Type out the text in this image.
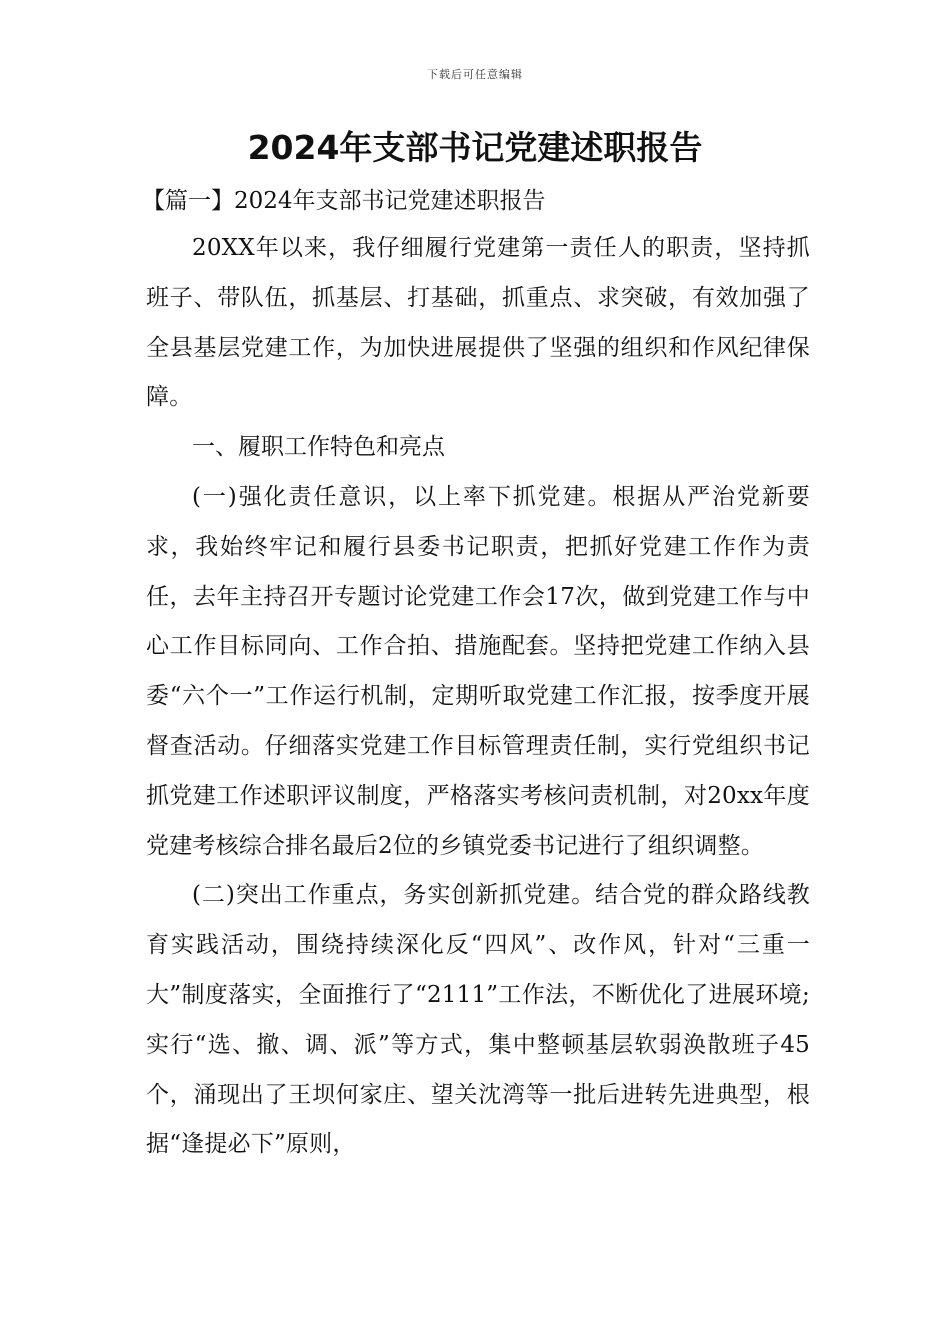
下载后可任意编辑
2024年支部书记党建述职报告

【篇一】2024年支部书记党建述职报告

20XX年以来，我仔细履行党建第一责任人的职责，坚持抓班子、带队伍，抓基层、打基础，抓重点、求突破，有效加强了全县基层党建工作，为加快进展提供了坚强的组织和作风纪律保障。

一、履职工作特色和亮点

(一)强化责任意识，以上率下抓党建。根据从严治党新要求，我始终牢记和履行县委书记职责，把抓好党建工作作为责任，去年主持召开专题讨论党建工作会17次，做到党建工作与中心工作目标同向、工作合拍、措施配套。坚持把党建工作纳入县委“六个一”工作运行机制，定期听取党建工作汇报，按季度开展督查活动。仔细落实党建工作目标管理责任制，实行党组织书记抓党建工作述职评议制度，严格落实考核问责机制，对20xx年度党建考核综合排名最后2位的乡镇党委书记进行了组织调整。

(二)突出工作重点，务实创新抓党建。结合党的群众路线教育实践活动，围绕持续深化反“四风”、改作风，针对“三重一大”制度落实，全面推行了“2111”工作法，不断优化了进展环境;实行“选、撤、调、派”等方式，集中整顿基层软弱涣散班子45个，涌现出了王坝何家庄、望关沈湾等一批后进转先进典型，根据“逢提必下”原则，
